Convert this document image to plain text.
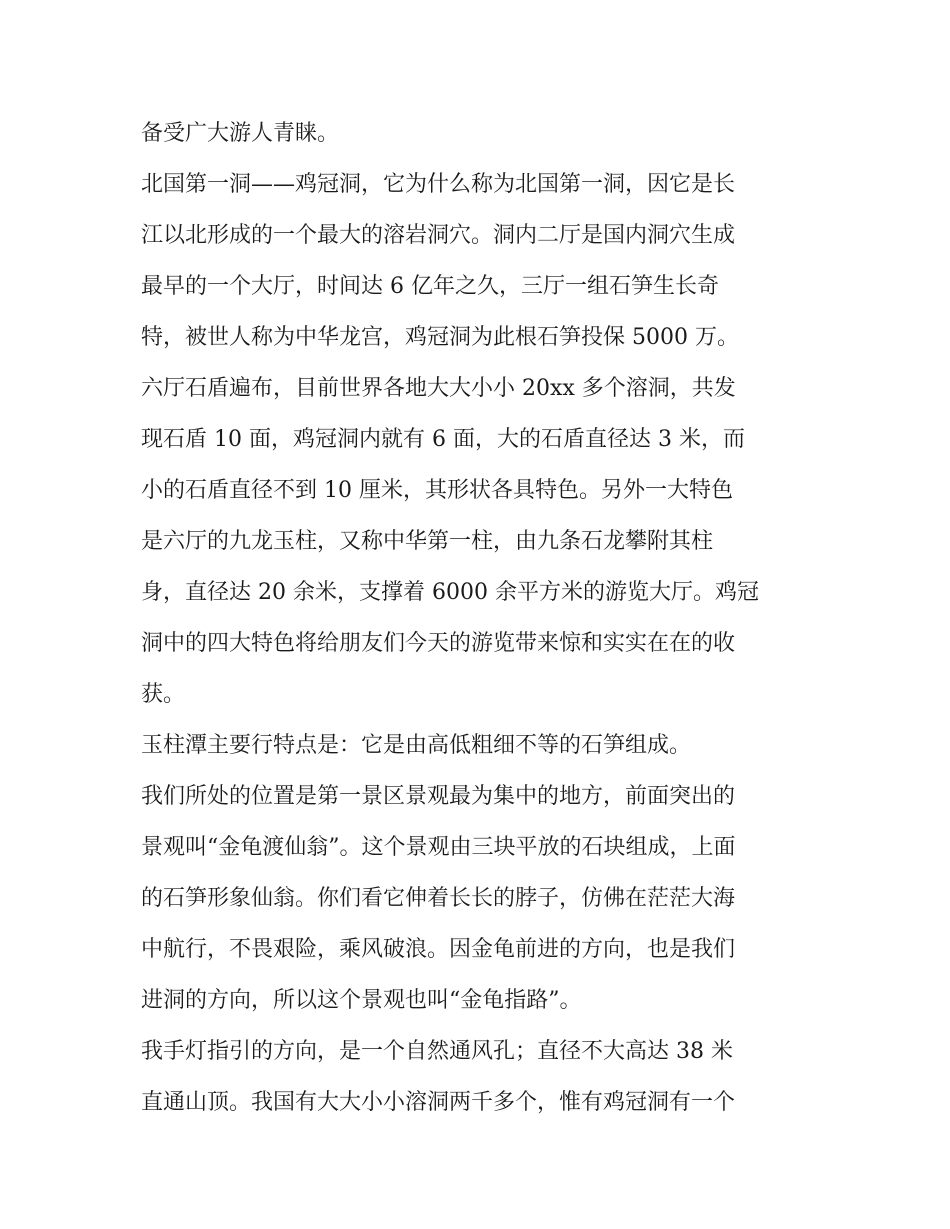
备受广大游人青睐。
北国第一洞——鸡冠洞，它为什么称为北国第一洞，因它是长
江以北形成的一个最大的溶岩洞穴。洞内二厅是国内洞穴生成
最早的一个大厅，时间达 6 亿年之久，三厅一组石笋生长奇
特，被世人称为中华龙宫，鸡冠洞为此根石笋投保 5000 万。
六厅石盾遍布，目前世界各地大大小小 20xx 多个溶洞，共发
现石盾 10 面，鸡冠洞内就有 6 面，大的石盾直径达 3 米，而
小的石盾直径不到 10 厘米，其形状各具特色。另外一大特色
是六厅的九龙玉柱，又称中华第一柱，由九条石龙攀附其柱
身，直径达 20 余米，支撑着 6000 余平方米的游览大厅。鸡冠
洞中的四大特色将给朋友们今天的游览带来惊和实实在在的收
获。
玉柱潭主要行特点是：它是由高低粗细不等的石笋组成。
我们所处的位置是第一景区景观最为集中的地方，前面突出的
景观叫“金龟渡仙翁”。这个景观由三块平放的石块组成，上面
的石笋形象仙翁。你们看它伸着长长的脖子，仿佛在茫茫大海
中航行，不畏艰险，乘风破浪。因金龟前进的方向，也是我们
进洞的方向，所以这个景观也叫“金龟指路”。
我手灯指引的方向，是一个自然通风孔；直径不大高达 38 米
直通山顶。我国有大大小小溶洞两千多个，惟有鸡冠洞有一个
